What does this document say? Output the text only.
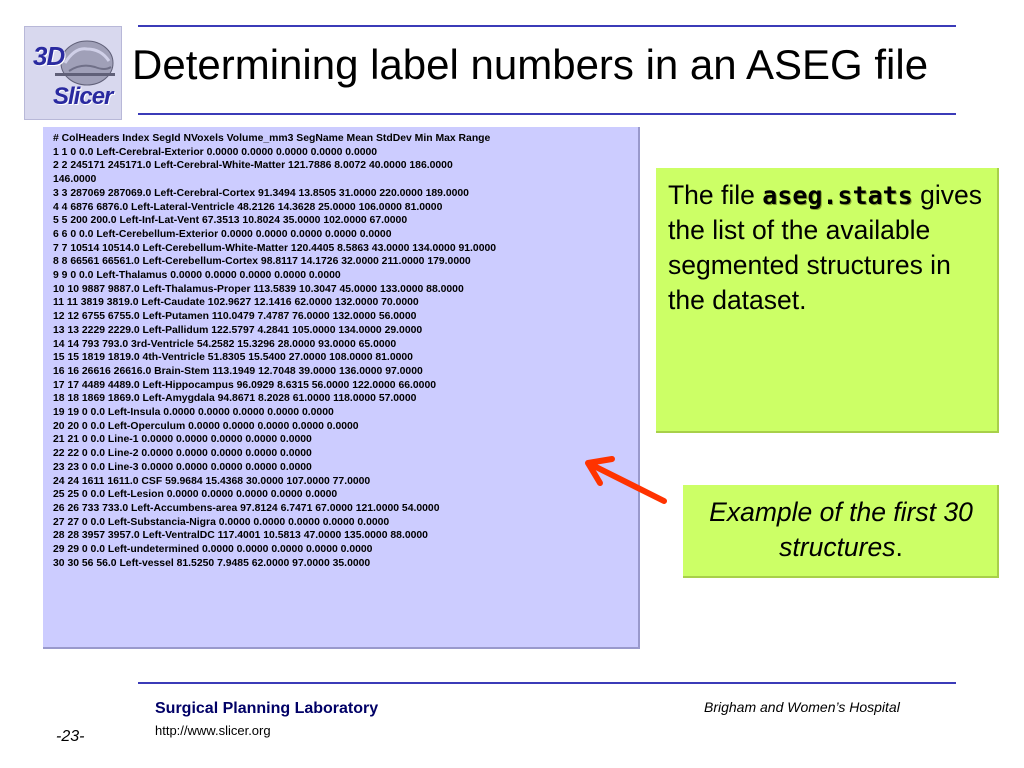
3D
Slicer
Determining label numbers in an ASEG file
# ColHeaders Index SegId NVoxels Volume_mm3 SegName Mean StdDev Min Max Range
1 1 0 0.0 Left-Cerebral-Exterior 0.0000 0.0000 0.0000 0.0000 0.0000
2 2 245171 245171.0 Left-Cerebral-White-Matter 121.7886 8.0072 40.0000 186.0000
146.0000
3 3 287069 287069.0 Left-Cerebral-Cortex 91.3494 13.8505 31.0000 220.0000 189.0000
4 4 6876 6876.0 Left-Lateral-Ventricle 48.2126 14.3628 25.0000 106.0000 81.0000
5 5 200 200.0 Left-Inf-Lat-Vent 67.3513 10.8024 35.0000 102.0000 67.0000
6 6 0 0.0 Left-Cerebellum-Exterior 0.0000 0.0000 0.0000 0.0000 0.0000
7 7 10514 10514.0 Left-Cerebellum-White-Matter 120.4405 8.5863 43.0000 134.0000 91.0000
8 8 66561 66561.0 Left-Cerebellum-Cortex 98.8117 14.1726 32.0000 211.0000 179.0000
9 9 0 0.0 Left-Thalamus 0.0000 0.0000 0.0000 0.0000 0.0000
10 10 9887 9887.0 Left-Thalamus-Proper 113.5839 10.3047 45.0000 133.0000 88.0000
11 11 3819 3819.0 Left-Caudate 102.9627 12.1416 62.0000 132.0000 70.0000
12 12 6755 6755.0 Left-Putamen 110.0479 7.4787 76.0000 132.0000 56.0000
13 13 2229 2229.0 Left-Pallidum 122.5797 4.2841 105.0000 134.0000 29.0000
14 14 793 793.0 3rd-Ventricle 54.2582 15.3296 28.0000 93.0000 65.0000
15 15 1819 1819.0 4th-Ventricle 51.8305 15.5400 27.0000 108.0000 81.0000
16 16 26616 26616.0 Brain-Stem 113.1949 12.7048 39.0000 136.0000 97.0000
17 17 4489 4489.0 Left-Hippocampus 96.0929 8.6315 56.0000 122.0000 66.0000
18 18 1869 1869.0 Left-Amygdala 94.8671 8.2028 61.0000 118.0000 57.0000
19 19 0 0.0 Left-Insula 0.0000 0.0000 0.0000 0.0000 0.0000
20 20 0 0.0 Left-Operculum 0.0000 0.0000 0.0000 0.0000 0.0000
21 21 0 0.0 Line-1 0.0000 0.0000 0.0000 0.0000 0.0000
22 22 0 0.0 Line-2 0.0000 0.0000 0.0000 0.0000 0.0000
23 23 0 0.0 Line-3 0.0000 0.0000 0.0000 0.0000 0.0000
24 24 1611 1611.0 CSF 59.9684 15.4368 30.0000 107.0000 77.0000
25 25 0 0.0 Left-Lesion 0.0000 0.0000 0.0000 0.0000 0.0000
26 26 733 733.0 Left-Accumbens-area 97.8124 6.7471 67.0000 121.0000 54.0000
27 27 0 0.0 Left-Substancia-Nigra 0.0000 0.0000 0.0000 0.0000 0.0000
28 28 3957 3957.0 Left-VentralDC 117.4001 10.5813 47.0000 135.0000 88.0000
29 29 0 0.0 Left-undetermined 0.0000 0.0000 0.0000 0.0000 0.0000
30 30 56 56.0 Left-vessel 81.5250 7.9485 62.0000 97.0000 35.0000
The file aseg.stats gives the list of the available segmented structures in the dataset.
Example of the first 30 structures.
Surgical Planning Laboratory
http://www.slicer.org
Brigham and Women’s Hospital
-23-
